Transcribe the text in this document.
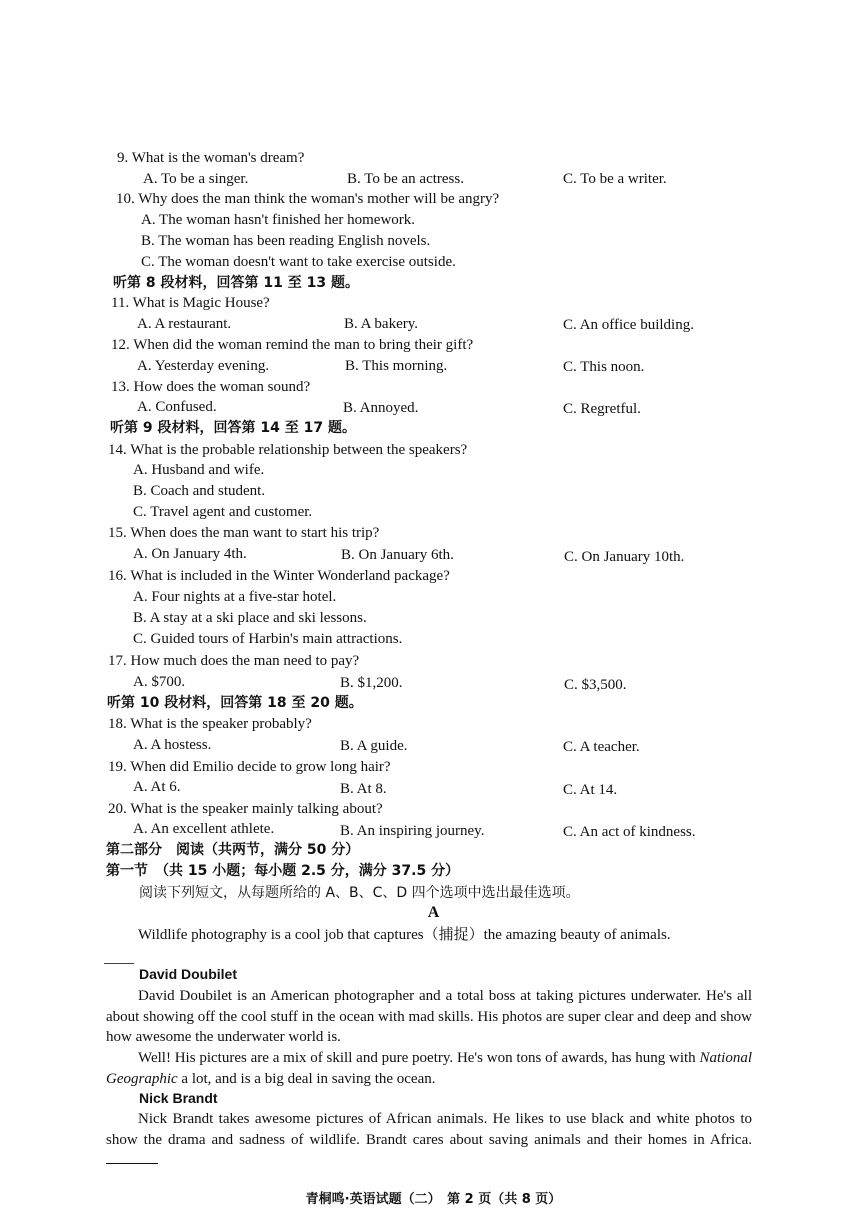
9. What is the woman's dream?
A. To be a singer.	B. To be an actress.	C. To be a writer.
10. Why does the man think the woman's mother will be angry?
A. The woman hasn't finished her homework.
B. The woman has been reading English novels.
C. The woman doesn't want to take exercise outside.
听第 8 段材料，回答第 11 至 13 题。
11. What is Magic House?
A. A restaurant.	B. A bakery.	C. An office building.
12. When did the woman remind the man to bring their gift?
A. Yesterday evening.	B. This morning.	C. This noon.
13. How does the woman sound?
A. Confused.	B. Annoyed.	C. Regretful.
听第 9 段材料，回答第 14 至 17 题。
14. What is the probable relationship between the speakers?
A. Husband and wife.
B. Coach and student.
C. Travel agent and customer.
15. When does the man want to start his trip?
A. On January 4th.	B. On January 6th.	C. On January 10th.
16. What is included in the Winter Wonderland package?
A. Four nights at a five-star hotel.
B. A stay at a ski place and ski lessons.
C. Guided tours of Harbin's main attractions.
17. How much does the man need to pay?
A. $700.	B. $1,200.	C. $3,500.
听第 10 段材料，回答第 18 至 20 题。
18. What is the speaker probably?
A. A hostess.	B. A guide.	C. A teacher.
19. When did Emilio decide to grow long hair?
A. At 6.	B. At 8.	C. At 14.
20. What is the speaker mainly talking about?
A. An excellent athlete.	B. An inspiring journey.	C. An act of kindness.
第二部分　阅读（共两节，满分 50 分）
第一节　（共 15 小题；每小题 2.5 分，满分 37.5 分）
阅读下列短文，从每题所给的 A、B、C、D 四个选项中选出最佳选项。
A
Wildlife photography is a cool job that captures（捕捉）the amazing beauty of animals.
David Doubilet
David Doubilet is an American photographer and a total boss at taking pictures underwater. He's all about showing off the cool stuff in the ocean with mad skills. His photos are super clear and deep and show how awesome the underwater world is.
Well! His pictures are a mix of skill and pure poetry. He's won tons of awards, has hung with National Geographic a lot, and is a big deal in saving the ocean.
Nick Brandt
Nick Brandt takes awesome pictures of African animals. He likes to use black and white photos to show the drama and sadness of wildlife. Brandt cares about saving animals and their homes in Africa.
青桐鸣·英语试题（二）　第 2 页（共 8 页）
